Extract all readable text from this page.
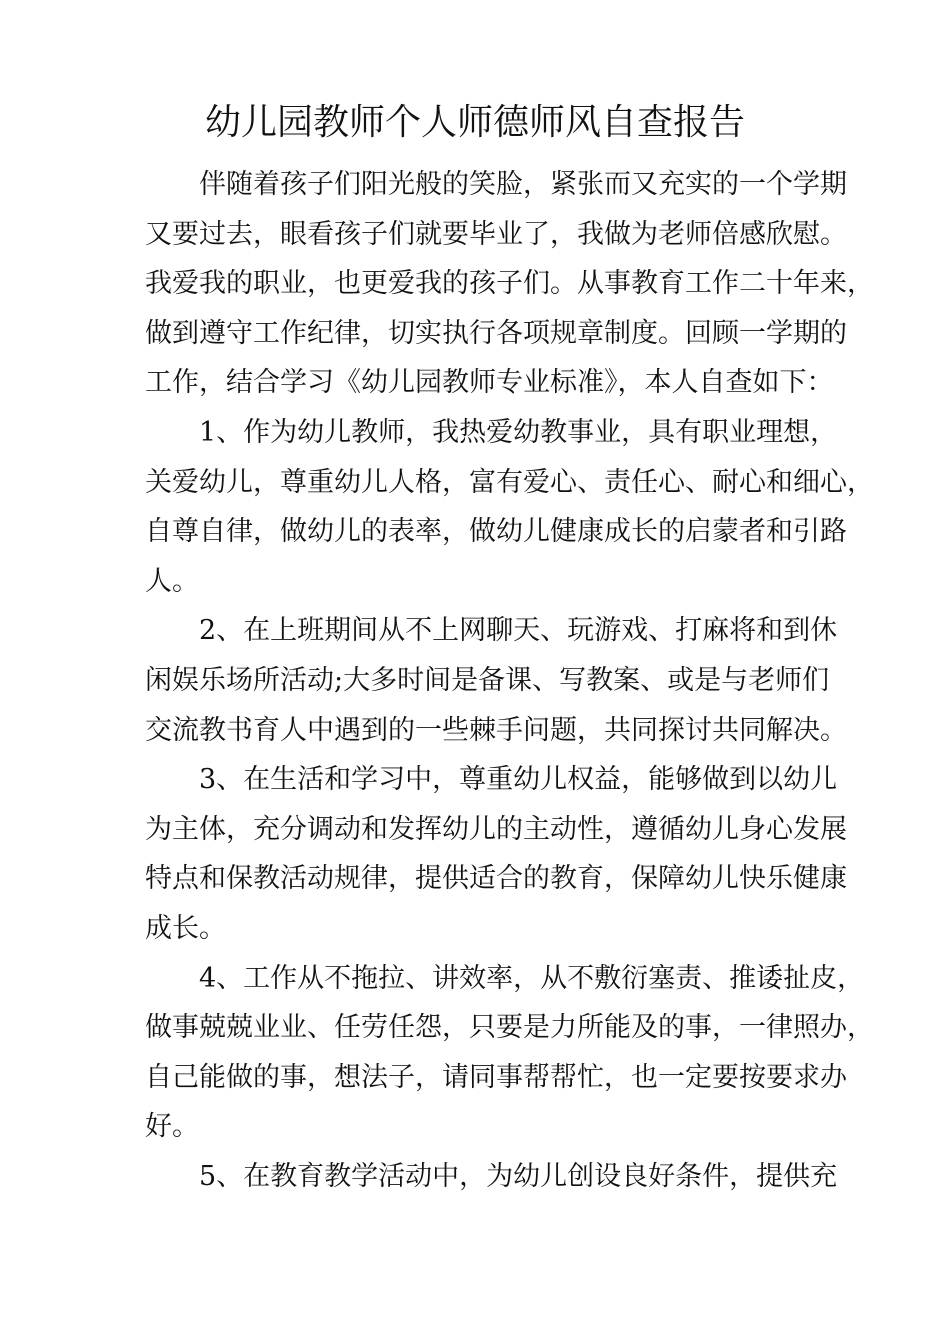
幼儿园教师个人师德师风自查报告
伴随着孩子们阳光般的笑脸，紧张而又充实的一个学期
又要过去，眼看孩子们就要毕业了，我做为老师倍感欣慰。
我爱我的职业，也更爱我的孩子们。从事教育工作二十年来，
做到遵守工作纪律，切实执行各项规章制度。回顾一学期的
工作，结合学习《幼儿园教师专业标准》，本人自查如下：
1、作为幼儿教师，我热爱幼教事业，具有职业理想，
关爱幼儿，尊重幼儿人格，富有爱心、责任心、耐心和细心，
自尊自律，做幼儿的表率，做幼儿健康成长的启蒙者和引路
人。
2、在上班期间从不上网聊天、玩游戏、打麻将和到休
闲娱乐场所活动;大多时间是备课、写教案、或是与老师们
交流教书育人中遇到的一些棘手问题，共同探讨共同解决。
3、在生活和学习中，尊重幼儿权益，能够做到以幼儿
为主体，充分调动和发挥幼儿的主动性，遵循幼儿身心发展
特点和保教活动规律，提供适合的教育，保障幼儿快乐健康
成长。
4、工作从不拖拉、讲效率，从不敷衍塞责、推诿扯皮，
做事兢兢业业、任劳任怨，只要是力所能及的事，一律照办，
自己能做的事，想法子，请同事帮帮忙，也一定要按要求办
好。
5、在教育教学活动中，为幼儿创设良好条件，提供充
